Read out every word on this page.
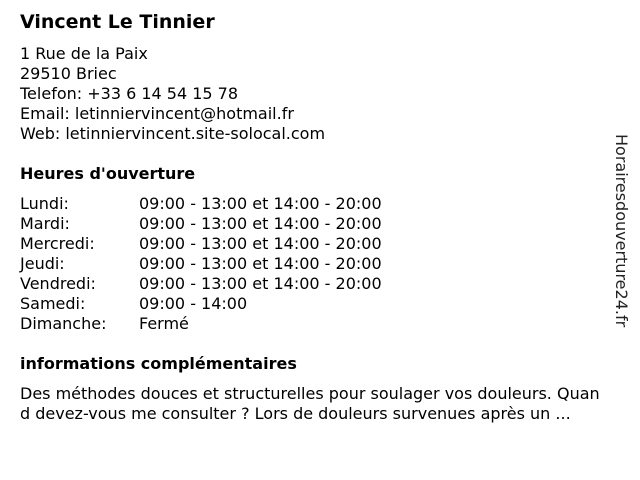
Vincent Le Tinnier
1 Rue de la Paix
29510 Briec
Telefon: +33 6 14 54 15 78
Email: letinniervincent@hotmail.fr
Web: letinniervincent.site-solocal.com
Heures d'ouverture
Lundi:	09:00 - 13:00 et 14:00 - 20:00
Mardi:	09:00 - 13:00 et 14:00 - 20:00
Mercredi:	09:00 - 13:00 et 14:00 - 20:00
Jeudi:	09:00 - 13:00 et 14:00 - 20:00
Vendredi:	09:00 - 13:00 et 14:00 - 20:00
Samedi:	09:00 - 14:00
Dimanche: Fermé
informations complémentaires
Des méthodes douces et structurelles pour soulager vos douleurs. Quan
d devez-vous me consulter ? Lors de douleurs survenues après un ...
Horairesdouverture24.fr
